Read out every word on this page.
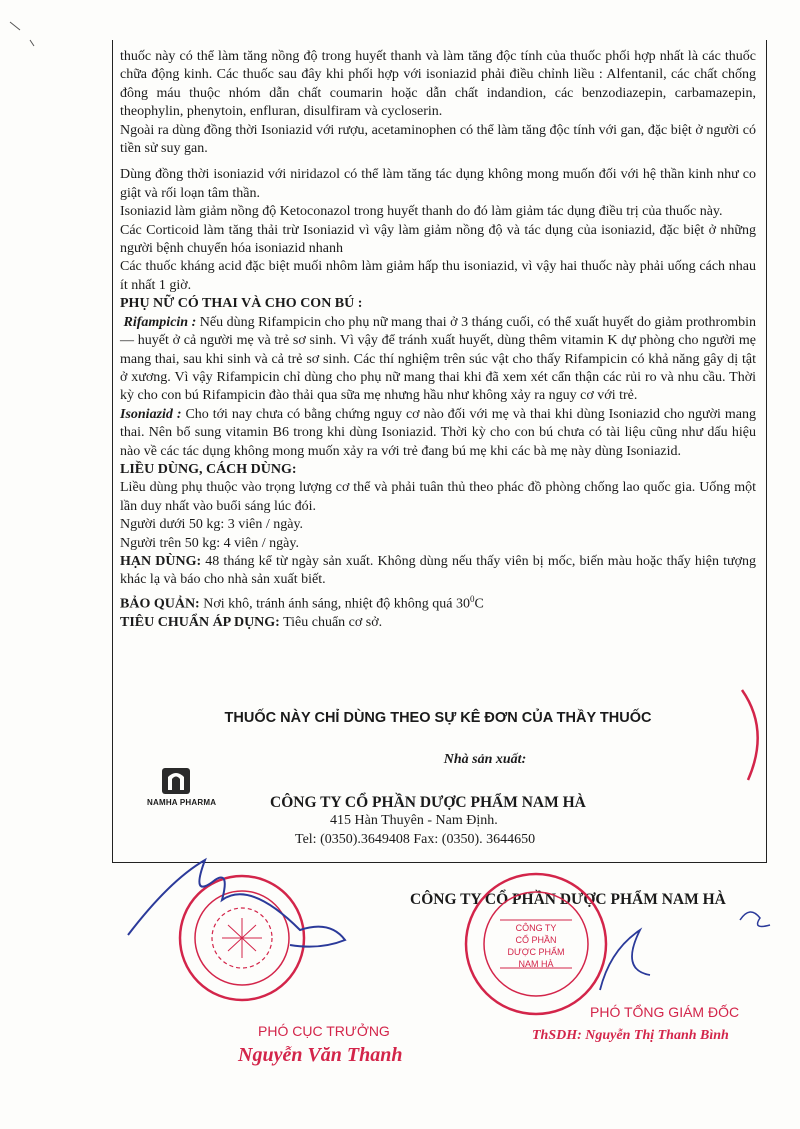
thuốc này có thể làm tăng nồng độ trong huyết thanh và làm tăng độc tính của thuốc phối hợp nhất là các thuốc chữa động kinh. Các thuốc sau đây khi phối hợp với isoniazid phải điều chỉnh liều : Alfentanil, các chất chống đông máu thuộc nhóm dẫn chất coumarin hoặc dẫn chất indandion, các benzodiazepin, carbamazepin, theophylin, phenytoin, enfluran, disulfiram và cycloserin.

Ngoài ra dùng đồng thời Isoniazid với rượu, acetaminophen có thể làm tăng độc tính với gan, đặc biệt ở người có tiền sử suy gan.

Dùng đồng thời isoniazid với niridazol có thể làm tăng tác dụng không mong muốn đối với hệ thần kinh như co giật và rối loạn tâm thần.

Isoniazid làm giảm nồng độ Ketoconazol trong huyết thanh do đó làm giảm tác dụng điều trị của thuốc này.

Các Corticoid làm tăng thải trừ Isoniazid vì vậy làm giảm nồng độ và tác dụng của isoniazid, đặc biệt ở những người bệnh chuyển hóa isoniazid nhanh

Các thuốc kháng acid đặc biệt muối nhôm làm giảm hấp thu isoniazid, vì vậy hai thuốc này phải uống cách nhau ít nhất 1 giờ.

PHỤ NỮ CÓ THAI VÀ CHO CON BÚ :

Rifampicin : Nếu dùng Rifampicin cho phụ nữ mang thai ở 3 tháng cuối, có thể xuất huyết do giảm prothrombin — huyết ở cả người mẹ và trẻ sơ sinh. Vì vậy để tránh xuất huyết, dùng thêm vitamin K dự phòng cho người mẹ mang thai, sau khi sinh và cả trẻ sơ sinh. Các thí nghiệm trên súc vật cho thấy Rifampicin có khả năng gây dị tật ở xương. Vì vậy Rifampicin chỉ dùng cho phụ nữ mang thai khi đã xem xét cẩn thận các rủi ro và nhu cầu. Thời kỳ cho con bú Rifampicin đào thải qua sữa mẹ nhưng hầu như không xảy ra nguy cơ với trẻ.

Isoniazid : Cho tới nay chưa có bằng chứng nguy cơ nào đối với mẹ và thai khi dùng Isoniazid cho người mang thai. Nên bổ sung vitamin B6 trong khi dùng Isoniazid. Thời kỳ cho con bú chưa có tài liệu cũng như dấu hiệu nào về các tác dụng không mong muốn xảy ra với trẻ đang bú mẹ khi các bà mẹ này dùng Isoniazid.

LIỀU DÙNG, CÁCH DÙNG:

Liều dùng phụ thuộc vào trọng lượng cơ thể và phải tuân thủ theo phác đồ phòng chống lao quốc gia. Uống một lần duy nhất vào buổi sáng lúc đói.

Người dưới 50 kg: 3 viên / ngày.

Người trên 50 kg: 4 viên / ngày.

HẠN DÙNG: 48 tháng kể từ ngày sản xuất. Không dùng nếu thấy viên bị mốc, biến màu hoặc thấy hiện tượng khác lạ và báo cho nhà sản xuất biết.

BẢO QUẢN: Nơi khô, tránh ánh sáng, nhiệt độ không quá $30^0C$

TIÊU CHUẨN ÁP DỤNG: Tiêu chuẩn cơ sở.

THUỐC NÀY CHỈ DÙNG THEO SỰ KÊ ĐƠN CỦA THẦY THUỐC
Nhà sản xuất:
NAMHA PHARMA	CÔNG TY CỔ PHẦN DƯỢC PHẨM NAM HÀ
415 Hàn Thuyên - Nam Định.
Tel: (0350).3649408 Fax: (0350). 3644650
CÔNG TY CỔ PHẦN DƯỢC PHẨM NAM HÀ
CÔNG TY
CỔ PHẦN
DƯỢC PHẨM
NAM HÀ
PHÓ CỤC TRƯỞNG
Nguyễn Văn Thanh
PHÓ TỔNG GIÁM ĐỐC
ThSDH: Nguyễn Thị Thanh Bình
